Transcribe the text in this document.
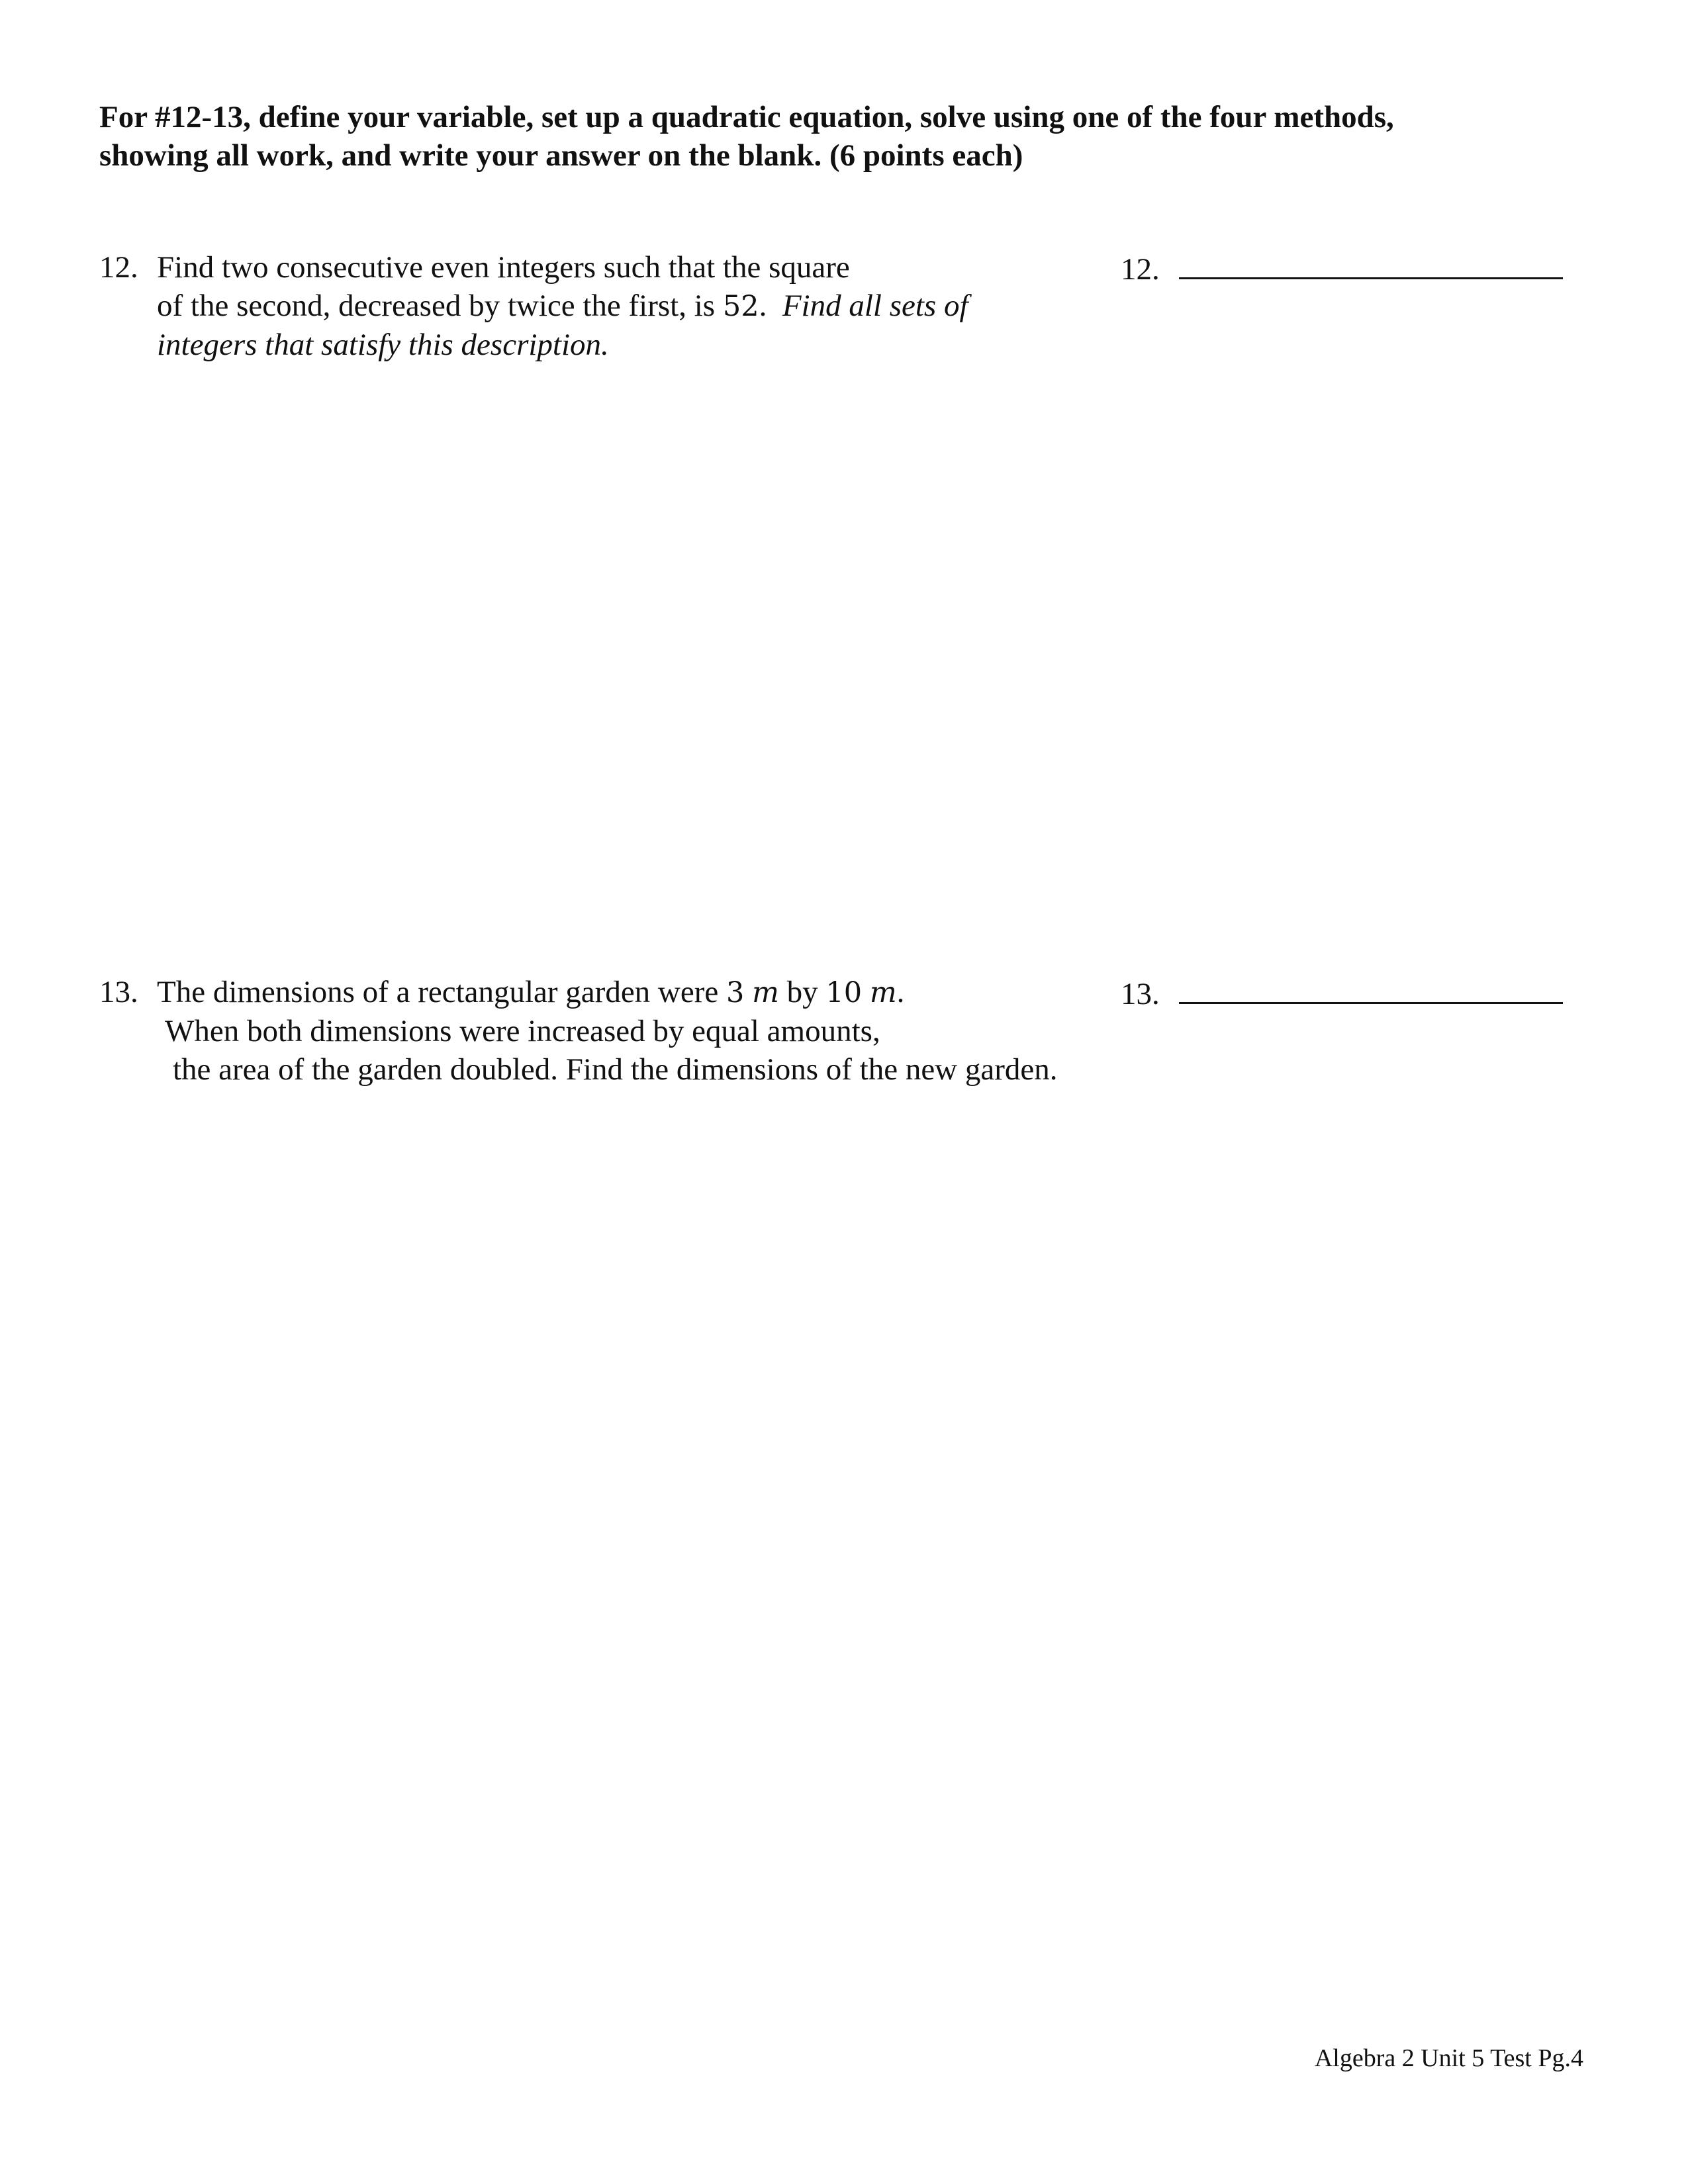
For #12-13, define your variable, set up a quadratic equation, solve using one of the four methods,
showing all work, and write your answer on the blank. (6 points each)

12. Find two consecutive even integers such that the square
of the second, decreased by twice the first, is 52.  Find all sets of
integers that satisfy this description.
12.
13. The dimensions of a rectangular garden were 3 m by 10 m.
When both dimensions were increased by equal amounts,
the area of the garden doubled. Find the dimensions of the new garden.
13.
Algebra 2 Unit 5 Test Pg.4
